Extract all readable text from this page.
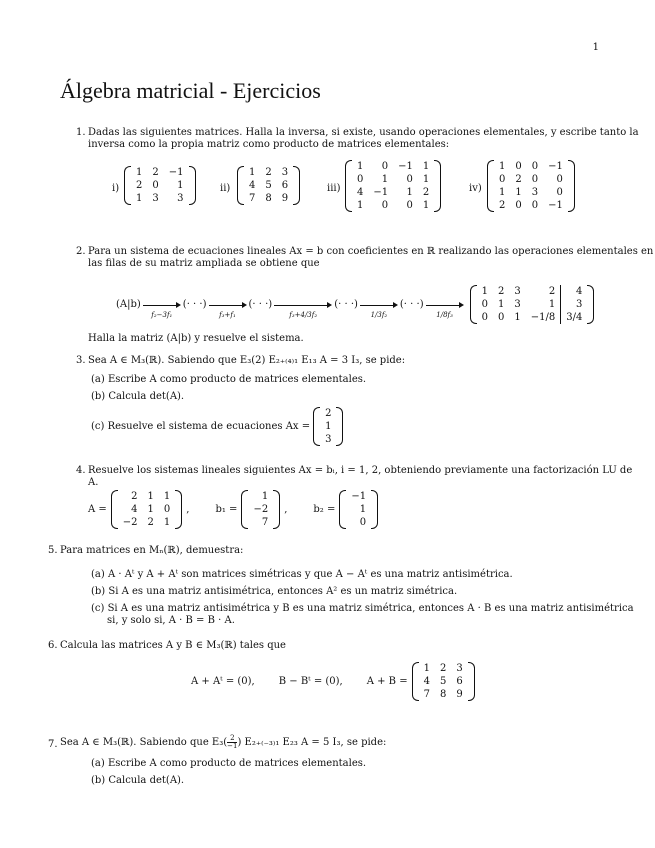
1
Álgebra matricial - Ejercicios
1. Dadas las siguientes matrices. Halla la inversa, si existe, usando operaciones elementales, y escribe tanto la
inversa como la propia matriz como producto de matrices elementales:
i)
1	2	−1
2	0	1
1	3	3
ii)
1	2	3
4	5	6
7	8	9
iii)
1	0	−1	1
0	1	0	1
4	−1	1	2
1	0	0	1
iv)
1	0	0	−1
0	2	0	0
1	1	3	0
2	0	0	−1
2. Para un sistema de ecuaciones lineales Ax = b con coeficientes en ℝ realizando las operaciones elementales en
las filas de su matriz ampliada se obtiene que
(A|b)
f₂−3f₁
(· · ·)
f₃+f₁
(· · ·)
f₃+4/3f₂
(· · ·)
1/3f₂
(· · ·)
1/8f₃
1	2	3	2	4
0	1	3	1	3
0	0	1	−1/8	3/4
Halla la matriz (A|b) y resuelve el sistema.
3. Sea A ∈ M₃(ℝ). Sabiendo que E₃(2) E₂₊₍₄₎₁ E₁₃ A = 3 I₃, se pide:
(a) Escribe A como producto de matrices elementales.
(b) Calcula det(A).
(c) Resuelve el sistema de ecuaciones Ax =
2
1
3
4. Resuelve los sistemas lineales siguientes Ax = bᵢ, i = 1, 2, obteniendo previamente una factorización LU de
A.
A =
2	1	1
4	1	0
−2	2	1
,	b₁ =
1
−2
7
,	b₂ =
−1
1
0
5. Para matrices en Mₙ(ℝ), demuestra:
(a) A · Aᵗ y A + Aᵗ son matrices simétricas y que A − Aᵗ es una matriz antisimétrica.
(b) Si A es una matriz antisimétrica, entonces A² es un matriz simétrica.
(c) Si A es una matriz antisimétrica y B es una matriz simétrica, entonces A · B es una matriz antisimétrica
si, y solo si, A · B = B · A.
6. Calcula las matrices A y B ∈ M₃(ℝ) tales que
A + Aᵗ = (0), B − Bᵗ = (0), A + B =
1	2	3
4	5	6
7	8	9
7. Sea A ∈ M₃(ℝ). Sabiendo que $E_3( \frac{2}{-1}$ ) E₂₊₍₋₃₎₁ E₂₃ A = 5 I₃, se pide:
(a) Escribe A como producto de matrices elementales.
(b) Calcula det(A).
